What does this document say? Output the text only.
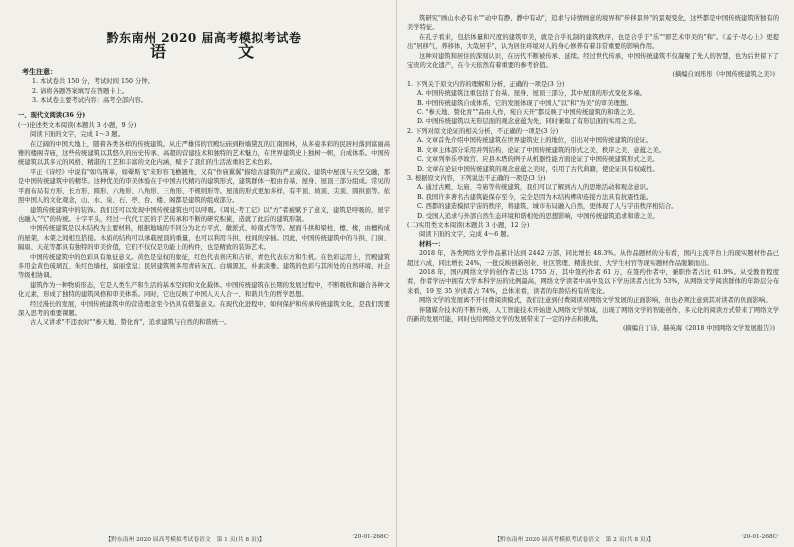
黔东南州 2020 届高考模拟考试卷
语　文
考生注意：
1. 本试卷共 150 分，考试时间 150 分钟。
2. 请将各题答案填写在答题卡上。
3. 本试卷主要考试内容：高考全部内容。
一、现代文阅读(36 分)
(一)论述类文本阅读(本题共 3 小题，9 分)
阅读下面的文字，完成 1～3 题。

在辽阔的中国大地上，随着各类各样的传统建筑。从庄严雄伟的官殿坛庙到粉墙黛瓦的江南园林，从多姿多彩的民居村落到富丽高雅的楼阁寺庙，这些传统建筑以其悠久的历史传承、高超的营建技术和独特的艺术魅力，在世界建筑史上独树一帜，自成体系。中国传统建筑以其多元的风格、精湛的工艺和丰富的文化内涵，赋予了我们的生活浓重的艺术色彩。

平正《诗经》中说有"如鸟斯革，如翚斯飞"来形容飞檐翘角，又有"作庙翼翼"描绘古建筑的严正威仪。建筑中屋顶与天空交融，那是中国传统建筑中的精华。这种优美的审美体验在于中国古代精巧的建筑形式，建筑群体一般由台基、屋身、屋顶三部分组成。常见的平面布局有方形、长方形、圆形、六角形、八角形、三角形、不规则形等。屋顶的形式更加多样，有平顶、坡顶、尖顶、圆拱顶等。依照中国人的文化观念，山、水、泉、石、亭、台、楼、阁都是建筑的组成部分。

建筑传统建筑中的装饰。我们还可以发现中国传统建筑也可以呼吸。《周礼·考工记》以"方”者被赋予了意义，建筑是呼吸的，屋宇也融入“气”的传统。十字平头，经过一代代工匠的手艺传承和不断的研究积累，造就了此后的建筑形制。

中国传统建筑是以木结构为主要材料，根据地域的不同分为北方平式、徽派式、岭南式等等。屋面斗拱和梁柱、檩、椽，由檩构成的屋架，木架之间相互搭接。木质的结构可以承载屋顶的重量，也可以利用斗拱、柱间的穿插。因此，中国传统建筑中的斗拱、门窗、隔扇、天花等都具有独特的审美价值，它们不仅仅是功能上的构件，也是精致的装饰艺术。

中国传统建筑中的色彩具有象征意义。黄色是皇权的象征，红色代表喜庆和吉祥，青色代表东方和生机。在色彩运用上，宫殿建筑多用金黄色琉璃瓦、朱红色墙柱，富丽堂皇；民居建筑则多用青砖灰瓦、白墙黑瓦，朴素淡雅。建筑的色彩与其所处的自然环境、社会等级相协调。

建筑作为一种物质形态，它是人类生产和生活的基本空间和文化载体。中国传统建筑在长期的发展过程中，不断吸收和融合各种文化元素，形成了独特的建筑风格和审美体系。同时，它也反映了中国人天人合一、和谐共生的哲学思想。

经过漫长的发展，中国传统建筑中的营造理念至今仍具有借鉴意义。在现代化进程中，如何保护和传承传统建筑文化，是我们需要深入思考的重要课题。

古人又讲求"不违农时""参天地、赞化育"，追求建筑与自然的和谐统一。

筑研究"画山水必有水""动中有静、静中有动"，追求与诗情画意的境界和"步移景异"的景观变化，这些都是中国传统建筑所独有的美学特征。

在孔子看来，包括体量和尺度的建筑审美，就是合乎礼制的建筑秩序，也是合乎于"乐""即艺术审美的"和"。《孟子·尽心上》更提出"居移气，养移体，大哉居乎"，认为居住环境对人的身心修养有着非常重要的影响作用。

这种对建筑和居住的深刻认识，在历代不断被传承、延续。经过世代传承，中国传统建筑不仅凝聚了先人的智慧，也为后世留下了宝贵的文化遗产，在今天依然有着重要的参考价值。

(摘编自刘彤彤《中国传统建筑之美》)
1. 下列关于原文内容的理解和分析，正确的一项是(3 分)
A. 中国传统建筑注重包括了台基、屋身、屋顶三部分，其中屋顶的形式变化多端。
B. 中国传统建筑自成体系，它的发展体现了中国人"以"和"为美"的审美理想。
C. "参天地、赞化育""品由人作，宛自天开"都反映了中国传统建筑的和谐之美。
D. 中国传统建筑以无形层面的观念意蕴为先，同时兼取了有形层面的实用之美。
2. 下列对原文论证的相关分析，不正确的一项是(3 分)
A. 文章首先介绍中国传统建筑在世界建筑史上的地位，引出对中国传统建筑的论证。
B. 文章主体部分采用并列结构，论证了中国传统建筑的形式之美、秩序之美、意蕴之美。
C. 文章列举乐亭故宫、应县木塔的例子从机器性能方面论证了中国传统建筑形式之美。
D. 文章在论证中国传统建筑的观念意蕴之美时，引用了古代典籍，使论证具有权威性。
3. 根据原文内容，下列说法不正确的一项是(3 分)
A. 通过古殿、坛庙、寺庙等传统建筑，我们可以了解到古人的思维活动和观念意识。
B. 我国许多著名古建筑能保存至今，完全是因为木结构榫卯连接方法具有抗震性能。
C. 西都的建造模拟宇宙的秩序，将建筑、城市布局融入自然，更体现了人与宇宙秩序相结合。
D. 受国人追求与外部自然生态环境和谐相处的思想影响，中国传统建筑追求和谐之美。
(二)实用类文本阅读(本题共 3 小题，12 分)
阅读下面的文字，完成 4～6 题。
材料一：

2018 年，各类网络文学作品累计达到 2442 万部，同比增长 48.3%。从作品题材的分布看，国内主流平台上的现实题材作品已超过六成，同比增长 24%，一批反映创新创业、社区管理、精准扶贫、大学生村官等现实题材作品脱颖而出。

2018 年，国内网络文学的创作者已达 1755 万，其中签约作者 61 万，在签约作者中，兼职作者占比 61.9%。从受教育程度看，作者学历中拥有大学本科学历的比例最高，网络文学读者中高中及以下学历读者占比为 53%，从网络文学阅读群体的年龄层分布来看，19 至 35 岁读者占 74%，总体来看，读者的年龄结构有所变化。

网络文学的发展离不开付费阅读模式，我们注意到付费阅读对网络文学发展的正面影响，但也必须注意到其对读者的负面影响。

伴随媒介技术的不断升级，人工智能技术开始进入网络文学领域，出现了网络文学的智能创作，多元化的阅读方式带来了网络文学的新的发展可能，同时也给网络文学的发展带来了一定的冲击和挑战。

(摘编自丁诗、赫英海《2018 中国网络文学发展报告》)
【黔东南州 2020 届高考模拟考试卷语文　第 1 页(共 8 页)】	·20-01-268C·	【黔东南州 2020 届高考模拟考试卷语文　第 2 页(共 8 页)】	·20-01-268C·
